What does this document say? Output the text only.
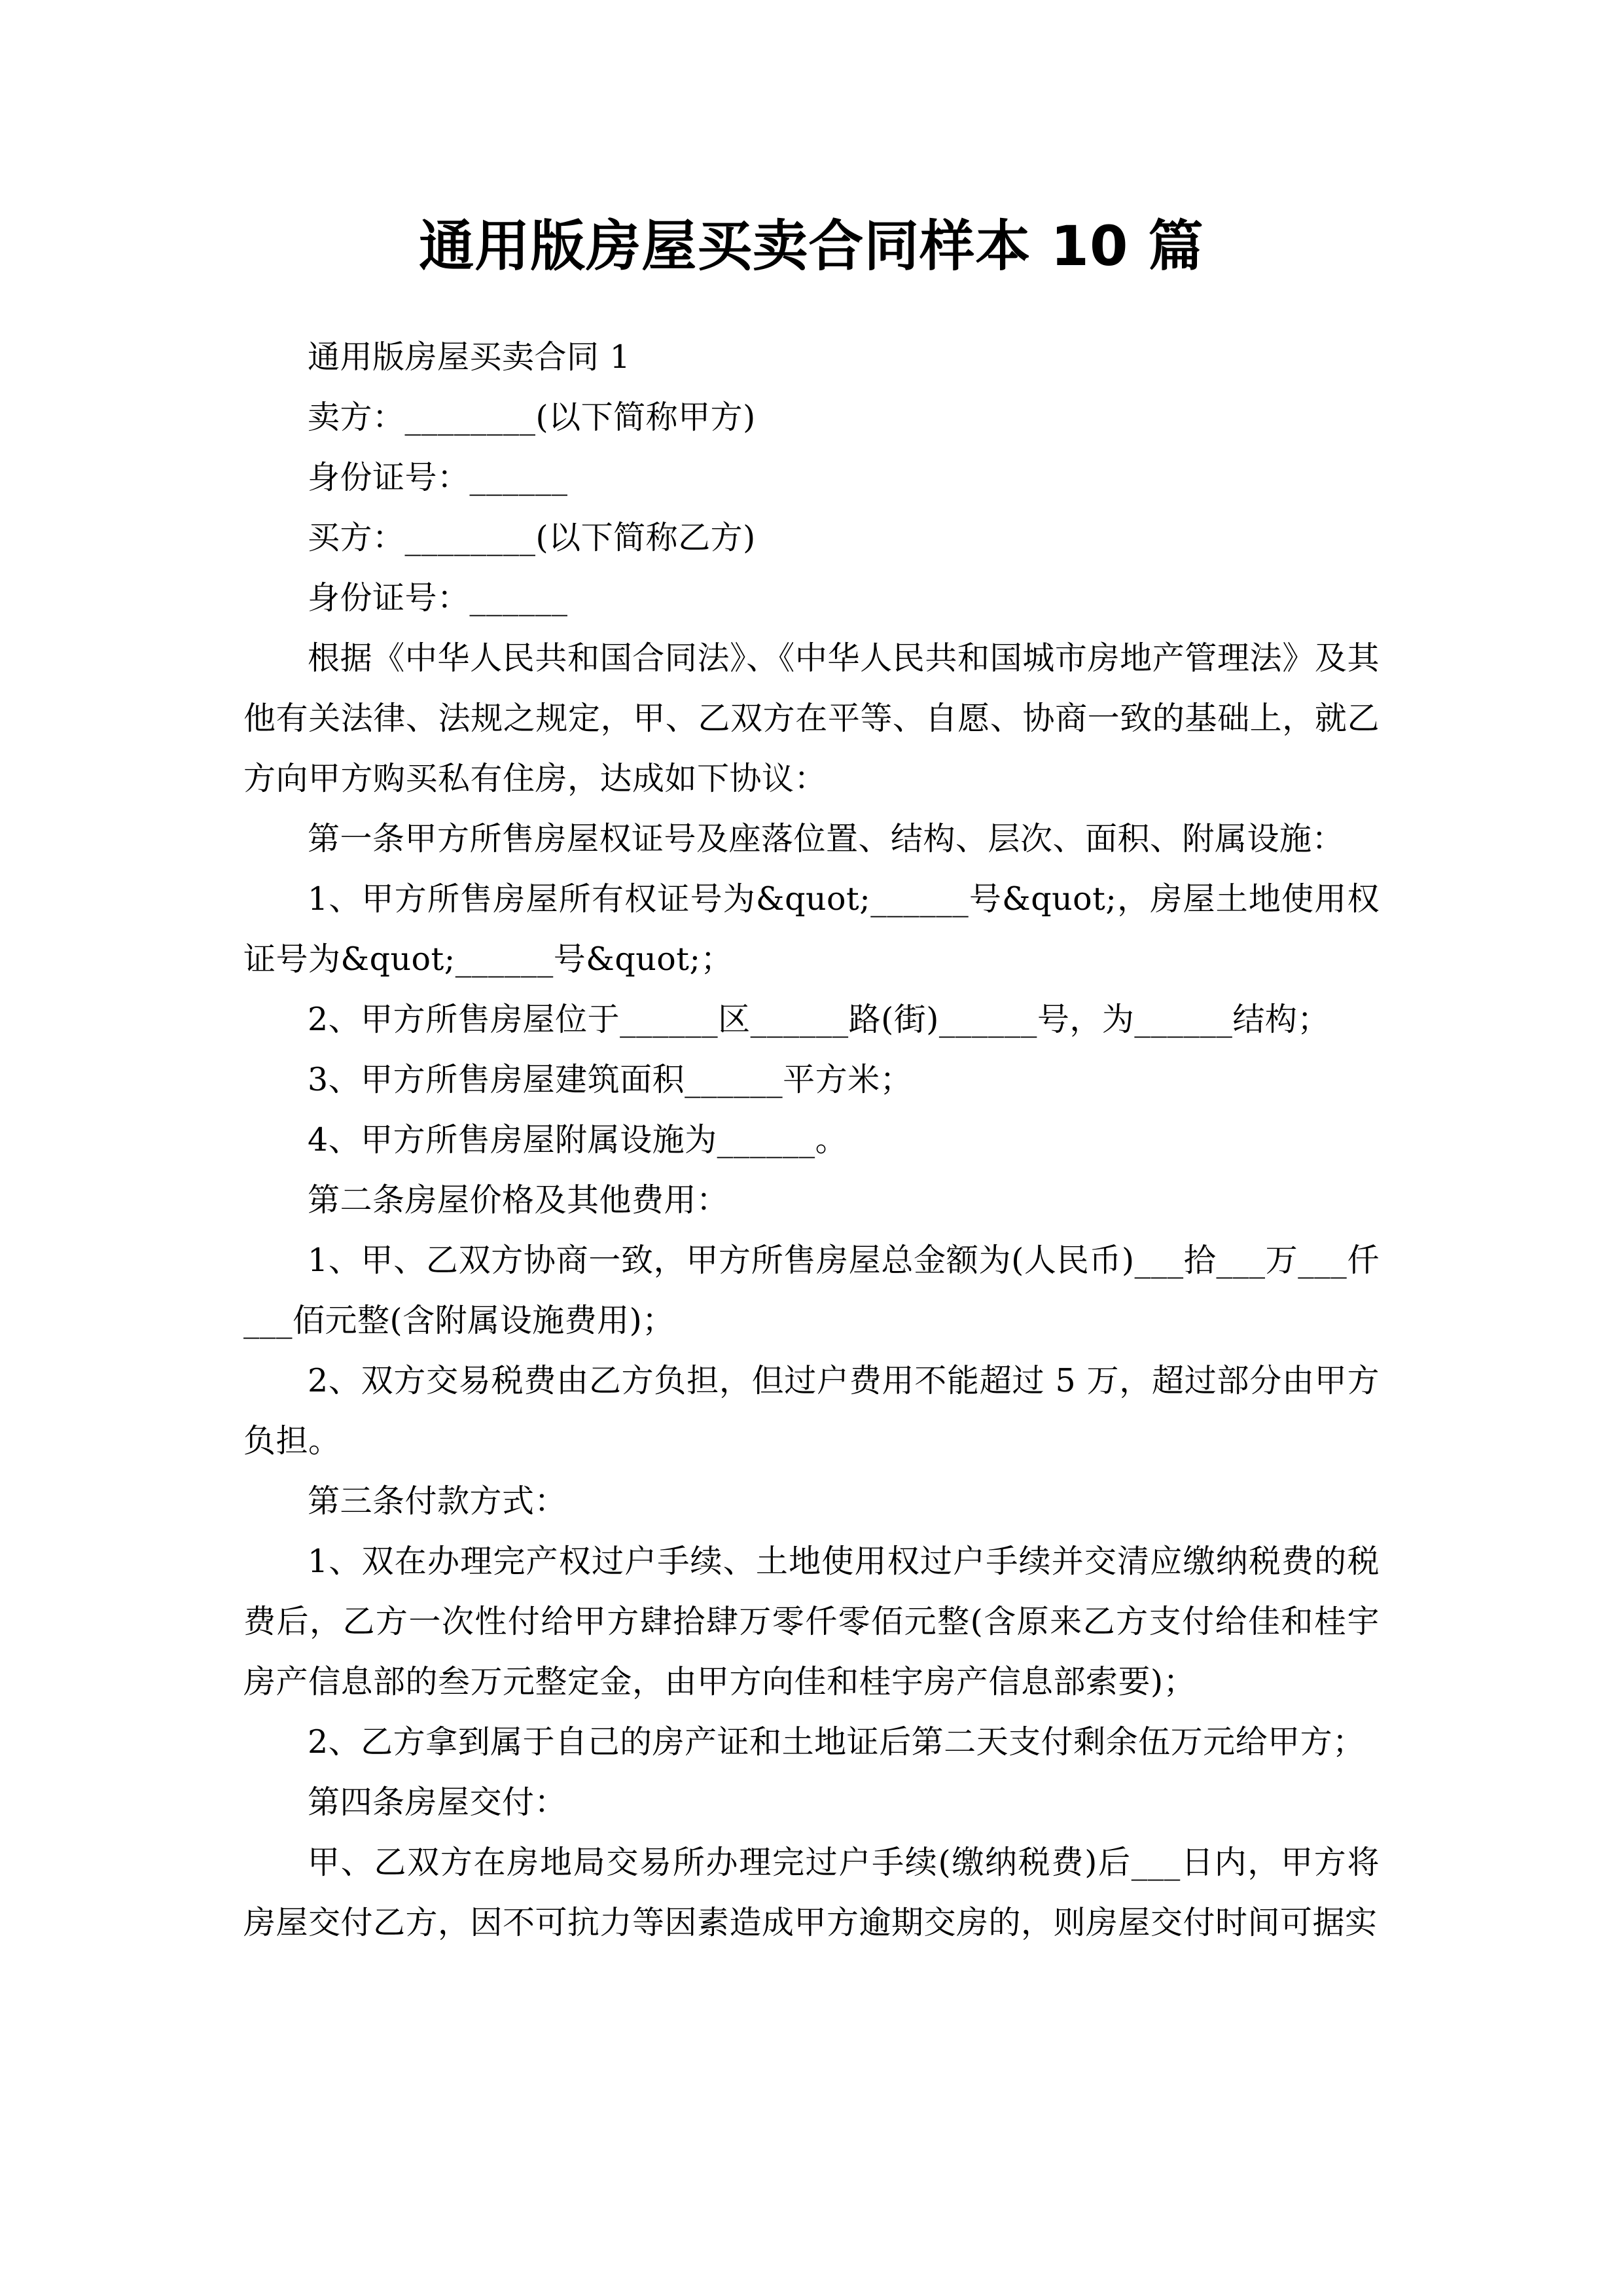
通用版房屋买卖合同样本 10 篇

通用版房屋买卖合同 1

卖方：________(以下简称甲方)

身份证号：______

买方：________(以下简称乙方)

身份证号：______

根据《中华人民共和国合同法》、《中华人民共和国城市房地产管理法》及其他有关法律、法规之规定，甲、乙双方在平等、自愿、协商一致的基础上，就乙方向甲方购买私有住房，达成如下协议：

第一条甲方所售房屋权证号及座落位置、结构、层次、面积、附属设施：

1、甲方所售房屋所有权证号为&quot;______号&quot;，房屋土地使用权证号为&quot;______号&quot;；

2、甲方所售房屋位于______区______路(街)______号，为______结构；

3、甲方所售房屋建筑面积______平方米；

4、甲方所售房屋附属设施为______。

第二条房屋价格及其他费用：

1、甲、乙双方协商一致，甲方所售房屋总金额为(人民币)___拾___万___仟___佰元整(含附属设施费用)；

2、双方交易税费由乙方负担，但过户费用不能超过 5 万，超过部分由甲方负担。

第三条付款方式：

1、双在办理完产权过户手续、土地使用权过户手续并交清应缴纳税费的税费后，乙方一次性付给甲方肆拾肆万零仟零佰元整(含原来乙方支付给佳和桂宇房产信息部的叁万元整定金，由甲方向佳和桂宇房产信息部索要)；

2、乙方拿到属于自己的房产证和土地证后第二天支付剩余伍万元给甲方；

第四条房屋交付：

甲、乙双方在房地局交易所办理完过户手续(缴纳税费)后___日内，甲方将房屋交付乙方，因不可抗力等因素造成甲方逾期交房的，则房屋交付时间可据实
